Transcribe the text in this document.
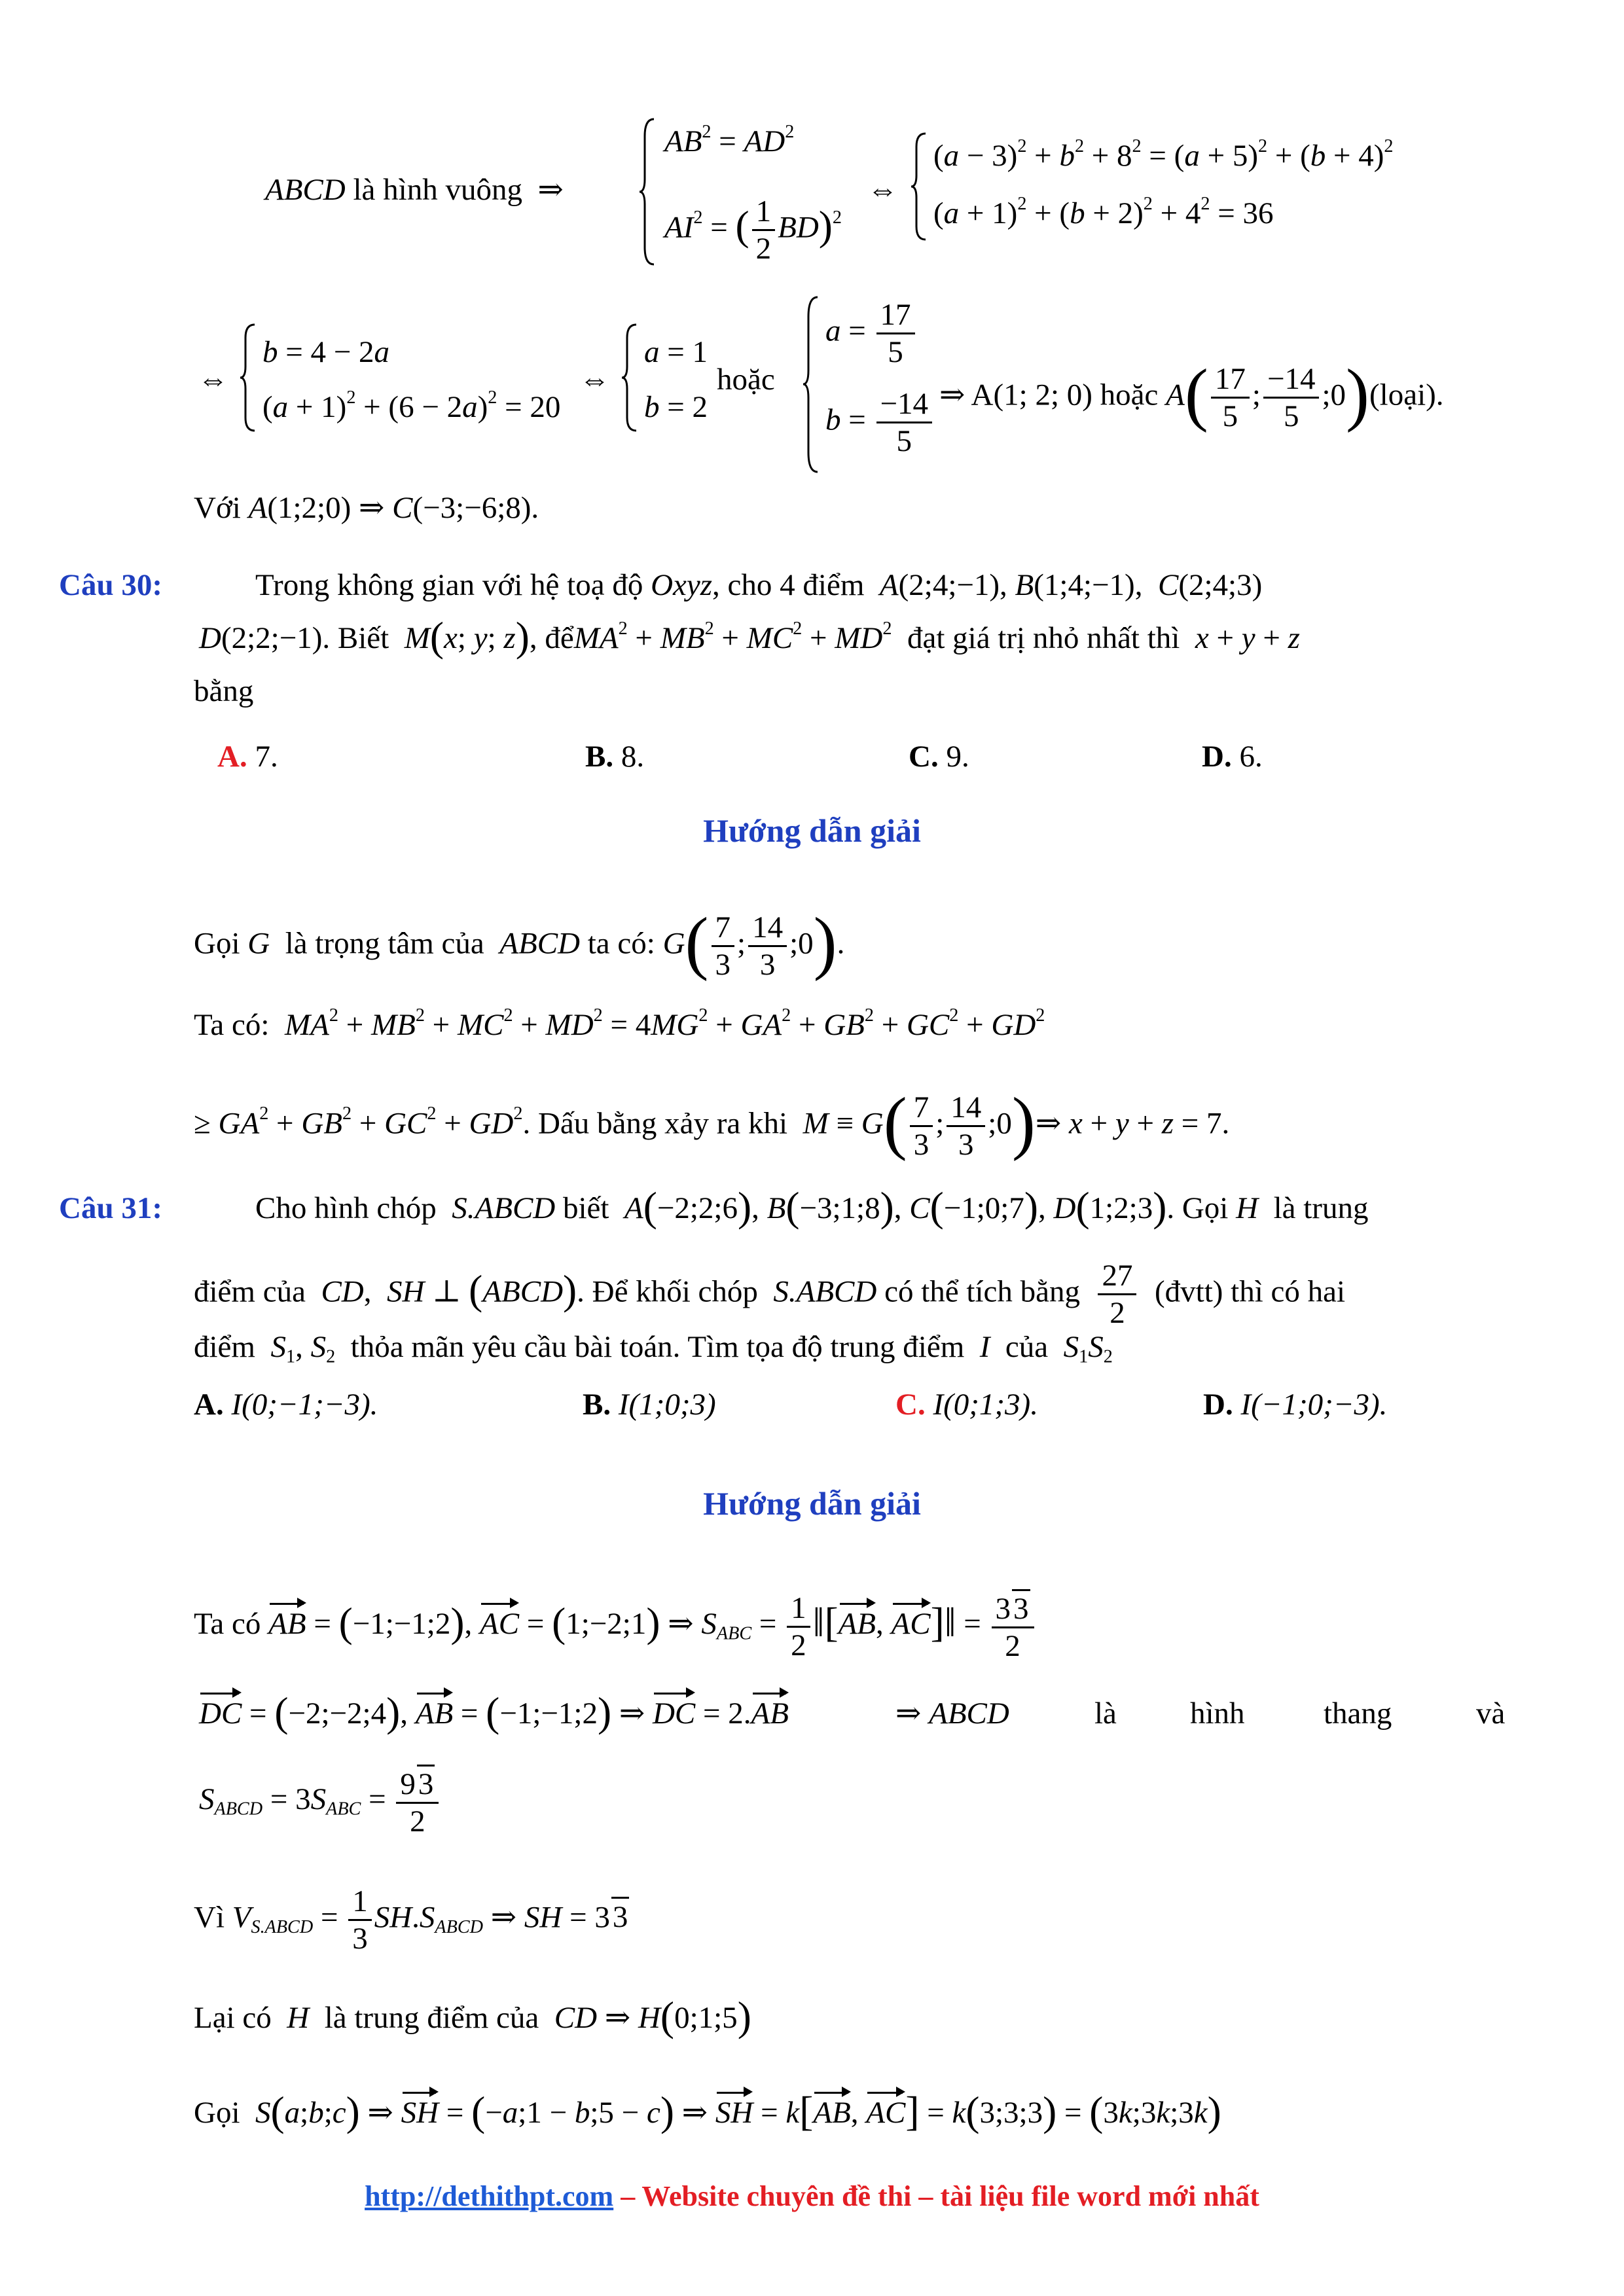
ABCD là hình vuông  ⇒
$AB^2 = AD^2$
$AI^2$ = ( $\frac{1}{2} BD)^2$
⇔
$(a - 3)^2 + b^2 + 8^2 = (a + 5)^2 + (b + 4)^2$
$(a + 1)^2 + (b + 2)^2 + 4^2 = 36$
⇔
b = 4 − 2a
$(a + 1)^2 + (6 - 2a)^2 = 20$
⇔
a = 1
b = 2
hoặc
$a = \frac{17}{5}$
$b = \frac{-14}{5}$ ⇒ A(1; 2; 0) hoặc $A( \frac{17}{5}$ ; $\frac{-14}{5}$ ;0)(loại).
Với A(1;2;0) ⇒ C(−3;−6;8).
Câu 30:	Trong không gian với hệ toạ độ Oxyz, cho 4 điểm A(2;4;−1), B(1;4;−1),  C(2;4;3)
D(2;2;−1). Biết M(x; y; z), đểMA$^2$ + $MB^2 + MC^2 + MD^2$ đạt giá trị nhỏ nhất thì x + y + z
bằng
A. 7.	B. 8.	C. 9.	D. 6.
Hướng dẫn giải
Gọi G là trọng tâm của ABCD ta có: $G( \frac{7}{3}$ ; $\frac{14}{3}$ ;0).
Ta có: $MA^2 + MB^2 + MC^2 + MD^2 = 4MG^2 + GA^2 + GB^2 + GC^2 + GD^2$
≥ $GA^2 + GB^2 + GC^2 + GD^2$. Dấu bằng xảy ra khi $M \equiv G( \frac{7}{3}$ ; $\frac{14}{3}$ ;0)⇒ x + y + z = 7.
Câu 31:	Cho hình chóp S.ABCD biết A(−2;2;6), B(−3;1;8), C(−1;0;7), D(1;2;3). Gọi H là trung
điểm của CD,  SH ⊥ (ABCD). Để khối chóp S.ABCD có thể tích bằng $\frac{27}{2}$ (đvtt) thì có hai
điểm $S_1$, $S_2$ thỏa mãn yêu cầu bài toán. Tìm tọa độ trung điểm I của $S_1S_2$
A. I(0;−1;−3).	B. I(1;0;3)	C. I(0;1;3).	D. I(−1;0;−3).
Hướng dẫn giải
Ta có AB = (−1;−1;2), AC = (1;−2;1) ⇒ $S_{ABC} = \frac{1}{2}$ ‖[AB, AC]‖ = $\frac{33}{2}$
DC = (−2;−2;4), AB = (−1;−1;2) ⇒ DC = 2.AB	⇒ ABCD	là hình	thang	và
$S_{ABCD} = 3S_{ABC} = \frac{93}{2}$
Vì $V_{S.ABCD} = \frac{1}{3} SH.S_{ABCD}$ ⇒ SH = 33
Lại có H là trung điểm của CD ⇒ H(0;1;5)
Gọi S(a;b;c) ⇒ SH = (−a;1 − b;5 − c) ⇒ SH = k[AB, AC] = k(3;3;3) = (3k;3k;3k)
http://dethithpt.com – Website chuyên đề thi – tài liệu file word mới nhất
